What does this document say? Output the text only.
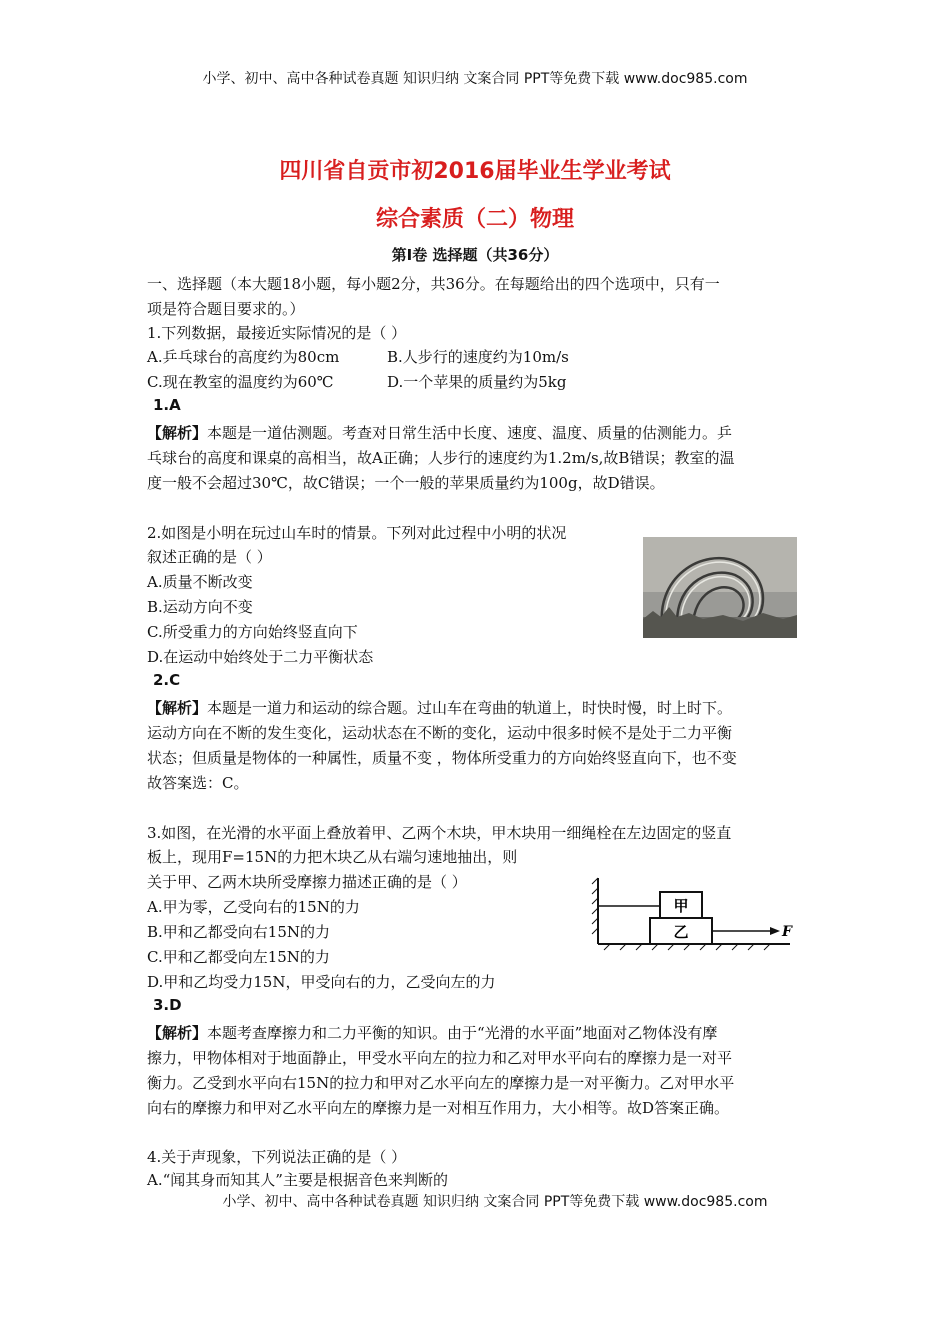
小学、初中、高中各种试卷真题 知识归纳 文案合同 PPT等免费下载 www.doc985.com
四川省自贡市初2016届毕业生学业考试
综合素质（二）物理
第Ⅰ卷 选择题（共36分）
一、选择题（本大题18小题，每小题2分，共36分。在每题给出的四个选项中，只有一
项是符合题目要求的。）
1.下列数据，最接近实际情况的是（ ）
A.乒乓球台的高度约为80cm	B.人步行的速度约为10m/s
C.现在教室的温度约为60℃	D.一个苹果的质量约为5kg
1.A
【解析】本题是一道估测题。考查对日常生活中长度、速度、温度、质量的估测能力。乒
乓球台的高度和课桌的高相当，故A正确；人步行的速度约为1.2m/s,故B错误；教室的温
度一般不会超过30℃，故C错误；一个一般的苹果质量约为100g，故D错误。
2.如图是小明在玩过山车时的情景。下列对此过程中小明的状况
叙述正确的是（ ）
A.质量不断改变
B.运动方向不变
C.所受重力的方向始终竖直向下
D.在运动中始终处于二力平衡状态
2.C
【解析】本题是一道力和运动的综合题。过山车在弯曲的轨道上，时快时慢，时上时下。
运动方向在不断的发生变化，运动状态在不断的变化，运动中很多时候不是处于二力平衡
状态；但质量是物体的一种属性，质量不变 ，物体所受重力的方向始终竖直向下，也不变
故答案选：C。
3.如图，在光滑的水平面上叠放着甲、乙两个木块，甲木块用一细绳栓在左边固定的竖直
板上，现用F=15N的力把木块乙从右端匀速地抽出，则
关于甲、乙两木块所受摩擦力描述正确的是（ ）
A.甲为零，乙受向右的15N的力
B.甲和乙都受向右15N的力
C.甲和乙都受向左15N的力
D.甲和乙均受力15N，甲受向右的力，乙受向左的力
甲
乙	F
3.D
【解析】本题考查摩擦力和二力平衡的知识。由于“光滑的水平面”地面对乙物体没有摩
擦力，甲物体相对于地面静止，甲受水平向左的拉力和乙对甲水平向右的摩擦力是一对平
衡力。乙受到水平向右15N的拉力和甲对乙水平向左的摩擦力是一对平衡力。乙对甲水平
向右的摩擦力和甲对乙水平向左的摩擦力是一对相互作用力，大小相等。故D答案正确。
4.关于声现象，下列说法正确的是（ ）
A.“闻其身而知其人”主要是根据音色来判断的
小学、初中、高中各种试卷真题 知识归纳 文案合同 PPT等免费下载 www.doc985.com
